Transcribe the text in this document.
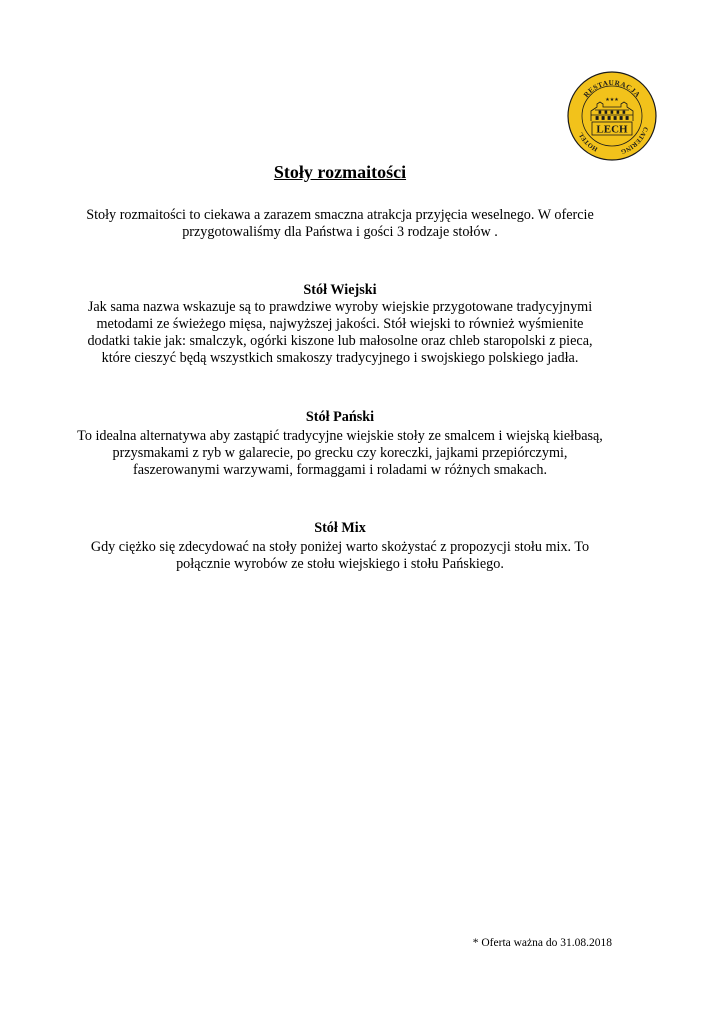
RESTAURACJA
HOTEL
CATERING
★★★
LECH
Stoły rozmaitości

Stoły rozmaitości to ciekawa a zarazem smaczna atrakcja przyjęcia weselnego. W ofercie
przygotowaliśmy dla Państwa i gości 3 rodzaje stołów .

Stół Wiejski

Jak sama nazwa wskazuje są to prawdziwe wyroby wiejskie przygotowane tradycyjnymi
metodami ze świeżego mięsa, najwyższej jakości. Stół wiejski to również wyśmienite
dodatki takie jak: smalczyk, ogórki kiszone lub małosolne oraz chleb staropolski z pieca,
które cieszyć będą wszystkich smakoszy tradycyjnego i swojskiego polskiego jadła.

Stół Pański

To idealna alternatywa aby zastąpić tradycyjne wiejskie stoły ze smalcem i wiejską kiełbasą,
przysmakami z ryb w galarecie, po grecku czy koreczki, jajkami przepiórczymi,
faszerowanymi warzywami, formaggami i roladami w różnych smakach.

Stół Mix

Gdy ciężko się zdecydować na stoły poniżej warto skożystać z propozycji stołu mix. To
połącznie wyrobów ze stołu wiejskiego i stołu Pańskiego.

* Oferta ważna do 31.08.2018
